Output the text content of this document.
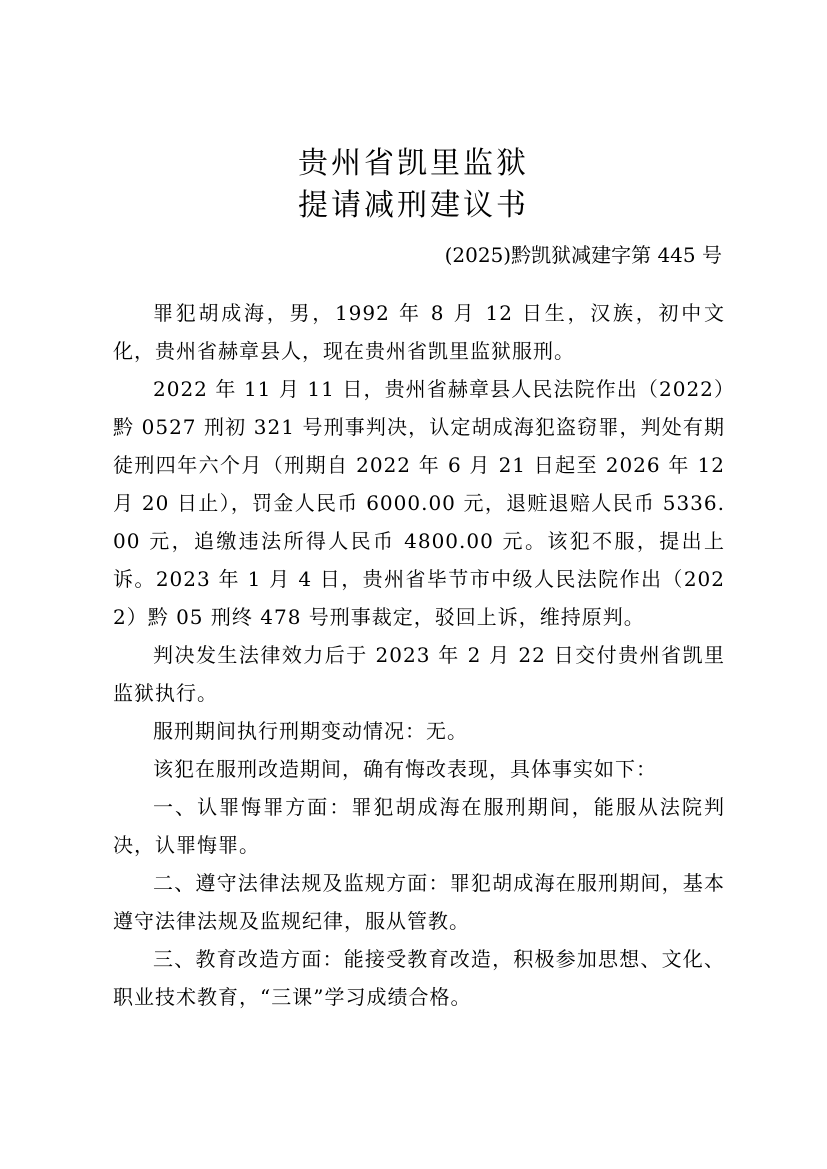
贵州省凯里监狱
提请减刑建议书
(2025)黔凯狱减建字第 445 号

罪犯胡成海，男，1992 年 8 月 12 日生，汉族，初中文化，贵州省赫章县人，现在贵州省凯里监狱服刑。

2022 年 11 月 11 日，贵州省赫章县人民法院作出（2022）黔 0527 刑初 321 号刑事判决，认定胡成海犯盗窃罪，判处有期徒刑四年六个月（刑期自 2022 年 6 月 21 日起至 2026 年 12 月 20 日止），罚金人民币 6000.00 元，退赃退赔人民币 5336.00 元，追缴违法所得人民币 4800.00 元。该犯不服，提出上诉。2023 年 1 月 4 日，贵州省毕节市中级人民法院作出（2022）黔 05 刑终 478 号刑事裁定，驳回上诉，维持原判。

判决发生法律效力后于 2023 年 2 月 22 日交付贵州省凯里监狱执行。

服刑期间执行刑期变动情况：无。

该犯在服刑改造期间，确有悔改表现，具体事实如下：

一、认罪悔罪方面：罪犯胡成海在服刑期间，能服从法院判决，认罪悔罪。

二、遵守法律法规及监规方面：罪犯胡成海在服刑期间，基本遵守法律法规及监规纪律，服从管教。

三、教育改造方面：能接受教育改造，积极参加思想、文化、职业技术教育，“三课”学习成绩合格。
